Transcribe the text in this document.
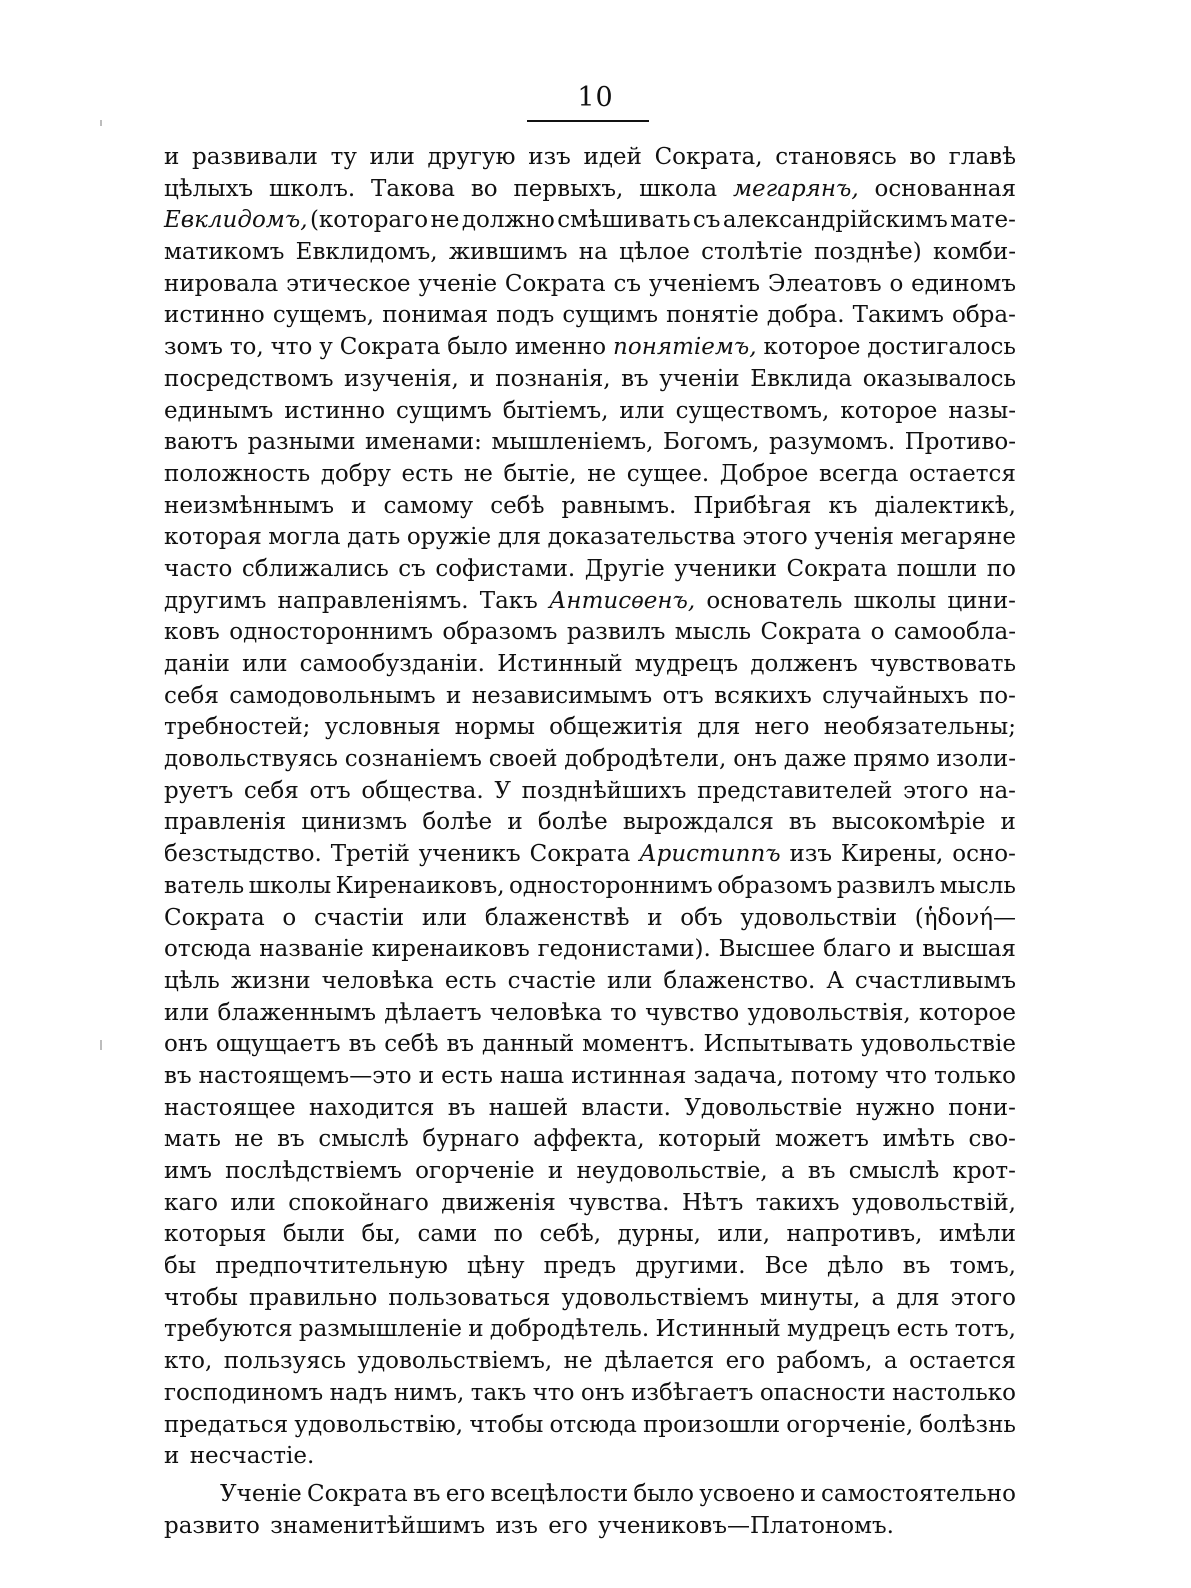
10
и развивали ту или другую изъ идей Сократа, становясь во главѣ
цѣлыхъ школъ. Такова во первыхъ, школа мегарянъ, основанная
Евклидомъ, (котораго не должно смѣшивать съ александрійскимъ мате-
матикомъ Евклидомъ, жившимъ на цѣлое столѣтіе позднѣе) комби-
нировала этическое ученіе Сократа съ ученіемъ Элеатовъ о единомъ
истинно сущемъ, понимая подъ сущимъ понятіе добра. Такимъ обра-
зомъ то, что у Сократа было именно понятіемъ, которое достигалось
посредствомъ изученія, и познанія, въ ученіи Евклида оказывалось
единымъ истинно сущимъ бытіемъ, или существомъ, которое назы-
ваютъ разными именами: мышленіемъ, Богомъ, разумомъ. Противо-
положность добру есть не бытіе, не сущее. Доброе всегда остается
неизмѣннымъ и самому себѣ равнымъ. Прибѣгая къ діалектикѣ,
которая могла дать оружіе для доказательства этого ученія мегаряне
часто сближались съ софистами. Другіе ученики Сократа пошли по
другимъ направленіямъ. Такъ Антисѳенъ, основатель школы цини-
ковъ одностороннимъ образомъ развилъ мысль Сократа о самообла-
даніи или самообузданіи. Истинный мудрецъ долженъ чувствовать
себя самодовольнымъ и независимымъ отъ всякихъ случайныхъ по-
требностей; условныя нормы общежитія для него необязательны;
довольствуясь сознаніемъ своей добродѣтели, онъ даже прямо изоли-
руетъ себя отъ общества. У позднѣйшихъ представителей этого на-
правленія цинизмъ болѣе и болѣе вырождался въ высокомѣріе и
безстыдство. Третій ученикъ Сократа Аристиппъ изъ Кирены, осно-
ватель школы Киренаиковъ, одностороннимъ образомъ развилъ мысль
Сократа о счастіи или блаженствѣ и объ удовольствіи (ἡδονή—
отсюда названіе киренаиковъ гедонистами). Высшее благо и высшая
цѣль жизни человѣка есть счастіе или блаженство. А счастливымъ
или блаженнымъ дѣлаетъ человѣка то чувство удовольствія, которое
онъ ощущаетъ въ себѣ въ данный моментъ. Испытывать удовольствіе
въ настоящемъ—это и есть наша истинная задача, потому что только
настоящее находится въ нашей власти. Удовольствіе нужно пони-
мать не въ смыслѣ бурнаго аффекта, который можетъ имѣть сво-
имъ послѣдствіемъ огорченіе и неудовольствіе, а въ смыслѣ крот-
каго или спокойнаго движенія чувства. Нѣтъ такихъ удовольствій,
которыя были бы, сами по себѣ, дурны, или, напротивъ, имѣли
бы предпочтительную цѣну предъ другими. Все дѣло въ томъ,
чтобы правильно пользоваться удовольствіемъ минуты, а для этого
требуются размышленіе и добродѣтель. Истинный мудрецъ есть тотъ,
кто, пользуясь удовольствіемъ, не дѣлается его рабомъ, а остается
господиномъ надъ нимъ, такъ что онъ избѣгаетъ опасности настолько
предаться удовольствію, чтобы отсюда произошли огорченіе, болѣзнь
и несчастіе.
Ученіе Сократа въ его всецѣлости было усвоено и самостоятельно
развито знаменитѣйшимъ изъ его учениковъ—Платономъ.
